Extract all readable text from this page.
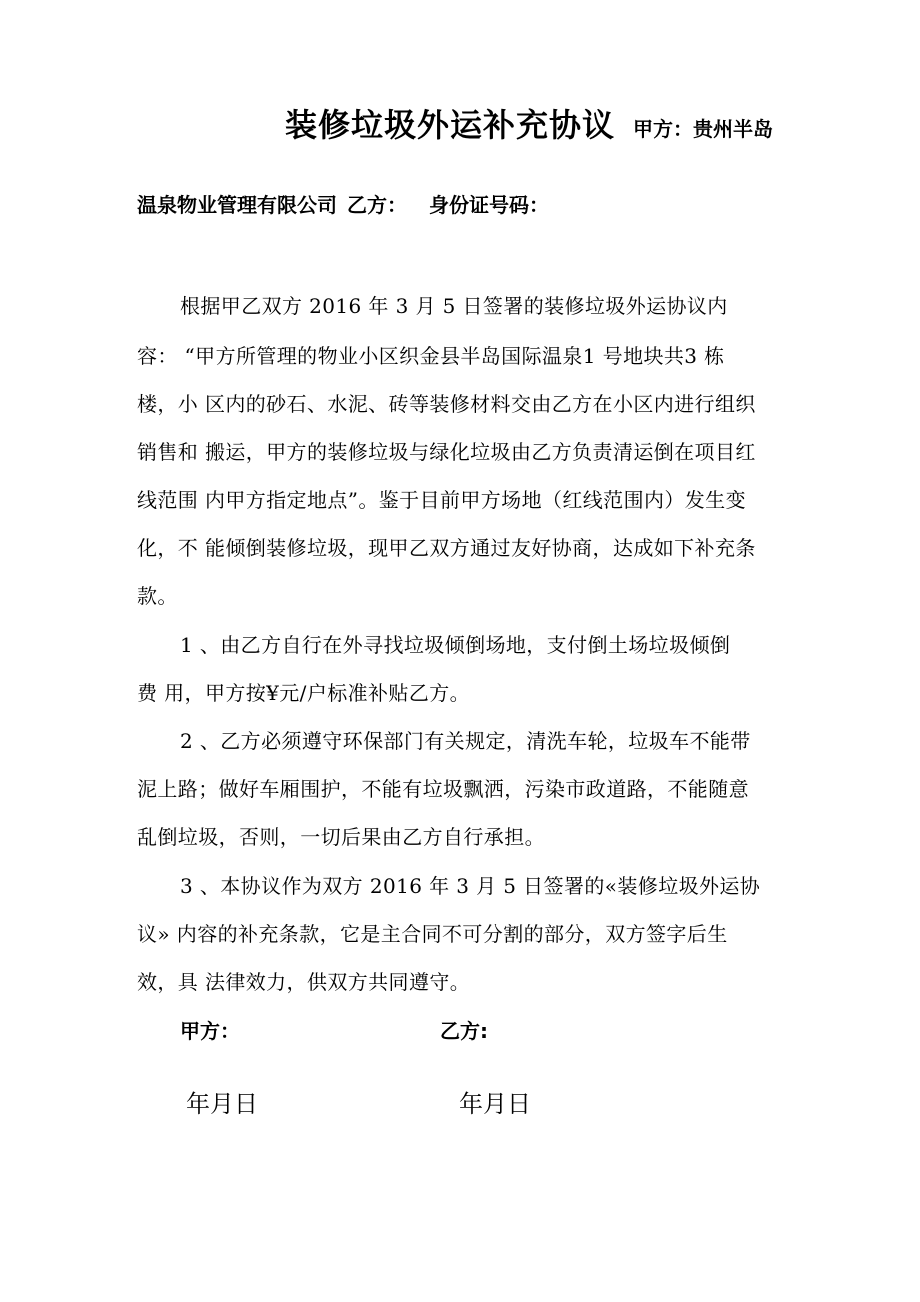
装修垃圾外运补充协议 甲方：贵州半岛
温泉物业管理有限公司 乙方： 身份证号码：
根据甲乙双方 2016 年 3 月 5 日签署的装修垃圾外运协议内
容： “甲方所管理的物业小区织金县半岛国际温泉1 号地块共3 栋
楼，小 区内的砂石、水泥、砖等装修材料交由乙方在小区内进行组织
销售和 搬运，甲方的装修垃圾与绿化垃圾由乙方负责清运倒在项目红
线范围 内甲方指定地点”。鉴于目前甲方场地（红线范围内）发生变
化，不 能倾倒装修垃圾，现甲乙双方通过友好协商，达成如下补充条
款。
1 、由乙方自行在外寻找垃圾倾倒场地，支付倒土场垃圾倾倒
费 用，甲方按¥元/户标准补贴乙方。
2 、乙方必须遵守环保部门有关规定，清洗车轮，垃圾车不能带
泥上路；做好车厢围护，不能有垃圾飘洒，污染市政道路，不能随意
乱倒垃圾，否则，一切后果由乙方自行承担。
3 、本协议作为双方 2016 年 3 月 5 日签署的«装修垃圾外运协
议» 内容的补充条款，它是主合同不可分割的部分，双方签字后生
效，具 法律效力，供双方共同遵守。
甲方：	乙方:
年月日	年月日
